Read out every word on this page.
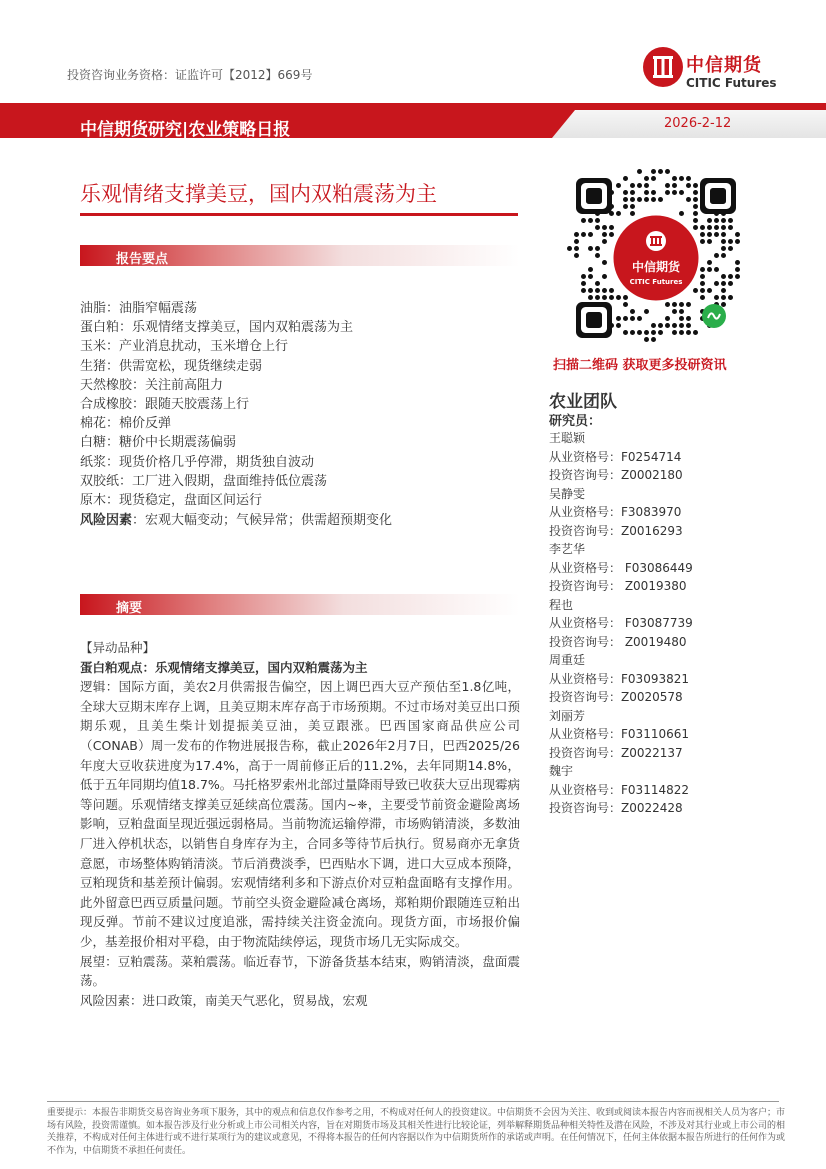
投资咨询业务资格：证监许可【2012】669号	中信期货
CITIC Futures
中信期货研究|农业策略日报	2026-2-12
乐观情绪支撑美豆，国内双粕震荡为主
报告要点
油脂：油脂窄幅震荡
蛋白粕：乐观情绪支撑美豆，国内双粕震荡为主
玉米：产业消息扰动，玉米增仓上行
生猪：供需宽松，现货继续走弱
天然橡胶：关注前高阻力
合成橡胶：跟随天胶震荡上行
棉花：棉价反弹
白糖：糖价中长期震荡偏弱
纸浆：现货价格几乎停滞，期货独自波动
双胶纸：工厂进入假期，盘面维持低位震荡
原木：现货稳定，盘面区间运行
风险因素：宏观大幅变动；气候异常；供需超预期变化
摘要

【异动品种】

蛋白粕观点：乐观情绪支撑美豆，国内双粕震荡为主

逻辑：国际方面，美农2月供需报告偏空，因上调巴西大豆产预估至1.8亿吨，全球大豆期末库存上调，且美豆期末库存高于市场预期。不过市场对美豆出口预期乐观，且美生柴计划提振美豆油，美豆跟涨。巴西国家商品供应公司（CONAB）周一发布的作物进展报告称，截止2026年2月7日，巴西2025/26年度大豆收获进度为17.4%，高于一周前修正后的11.2%，去年同期14.8%，低于五年同期均值18.7%。马托格罗索州北部过量降雨导致已收获大豆出现霉病等问题。乐观情绪支撑美豆延续高位震荡。国内~❈，主要受节前资金避险离场影响，豆粕盘面呈现近强远弱格局。当前物流运输停滞，市场购销清淡，多数油厂进入停机状态，以销售自身库存为主，合同多等待节后执行。贸易商亦无拿货意愿，市场整体购销清淡。节后消费淡季，巴西贴水下调，进口大豆成本预降，豆粕现货和基差预计偏弱。宏观情绪利多和下游点价对豆粕盘面略有支撑作用。此外留意巴西豆质量问题。节前空头资金避险减仓离场，郑粕期价跟随连豆粕出现反弹。节前不建议过度追涨，需持续关注资金流向。现货方面，市场报价偏少，基差报价相对平稳，由于物流陆续停运，现货市场几无实际成交。

展望：豆粕震荡。菜粕震荡。临近春节，下游备货基本结束，购销清淡，盘面震荡。

风险因素：进口政策，南美天气恶化，贸易战，宏观

中信期货
CITIC Futures
扫描二维码 获取更多投研资讯
农业团队
研究员：
王聪颖
从业资格号：F0254714
投资咨询号：Z0002180
吴静雯
从业资格号：F3083970
投资咨询号：Z0016293
李艺华
从业资格号： F03086449
投资咨询号： Z0019380
程也
从业资格号： F03087739
投资咨询号： Z0019480
周重廷
从业资格号：F03093821
投资咨询号：Z0020578
刘丽芳
从业资格号：F03110661
投资咨询号：Z0022137
魏宇
从业资格号：F03114822
投资咨询号：Z0022428
重要提示：本报告非期货交易咨询业务项下服务，其中的观点和信息仅作参考之用，不构成对任何人的投资建议。中信期货不会因为关注、收到或阅读本报告内容而视相关人员为客户；市场有风险，投资需谨慎。如本报告涉及行业分析或上市公司相关内容，旨在对期货市场及其相关性进行比较论证，列举解释期货品种相关特性及潜在风险，不涉及对其行业或上市公司的相关推荐，不构成对任何主体进行或不进行某项行为的建议或意见，不得将本报告的任何内容据以作为中信期货所作的承诺或声明。在任何情况下，任何主体依据本报告所进行的任何作为或不作为，中信期货不承担任何责任。
